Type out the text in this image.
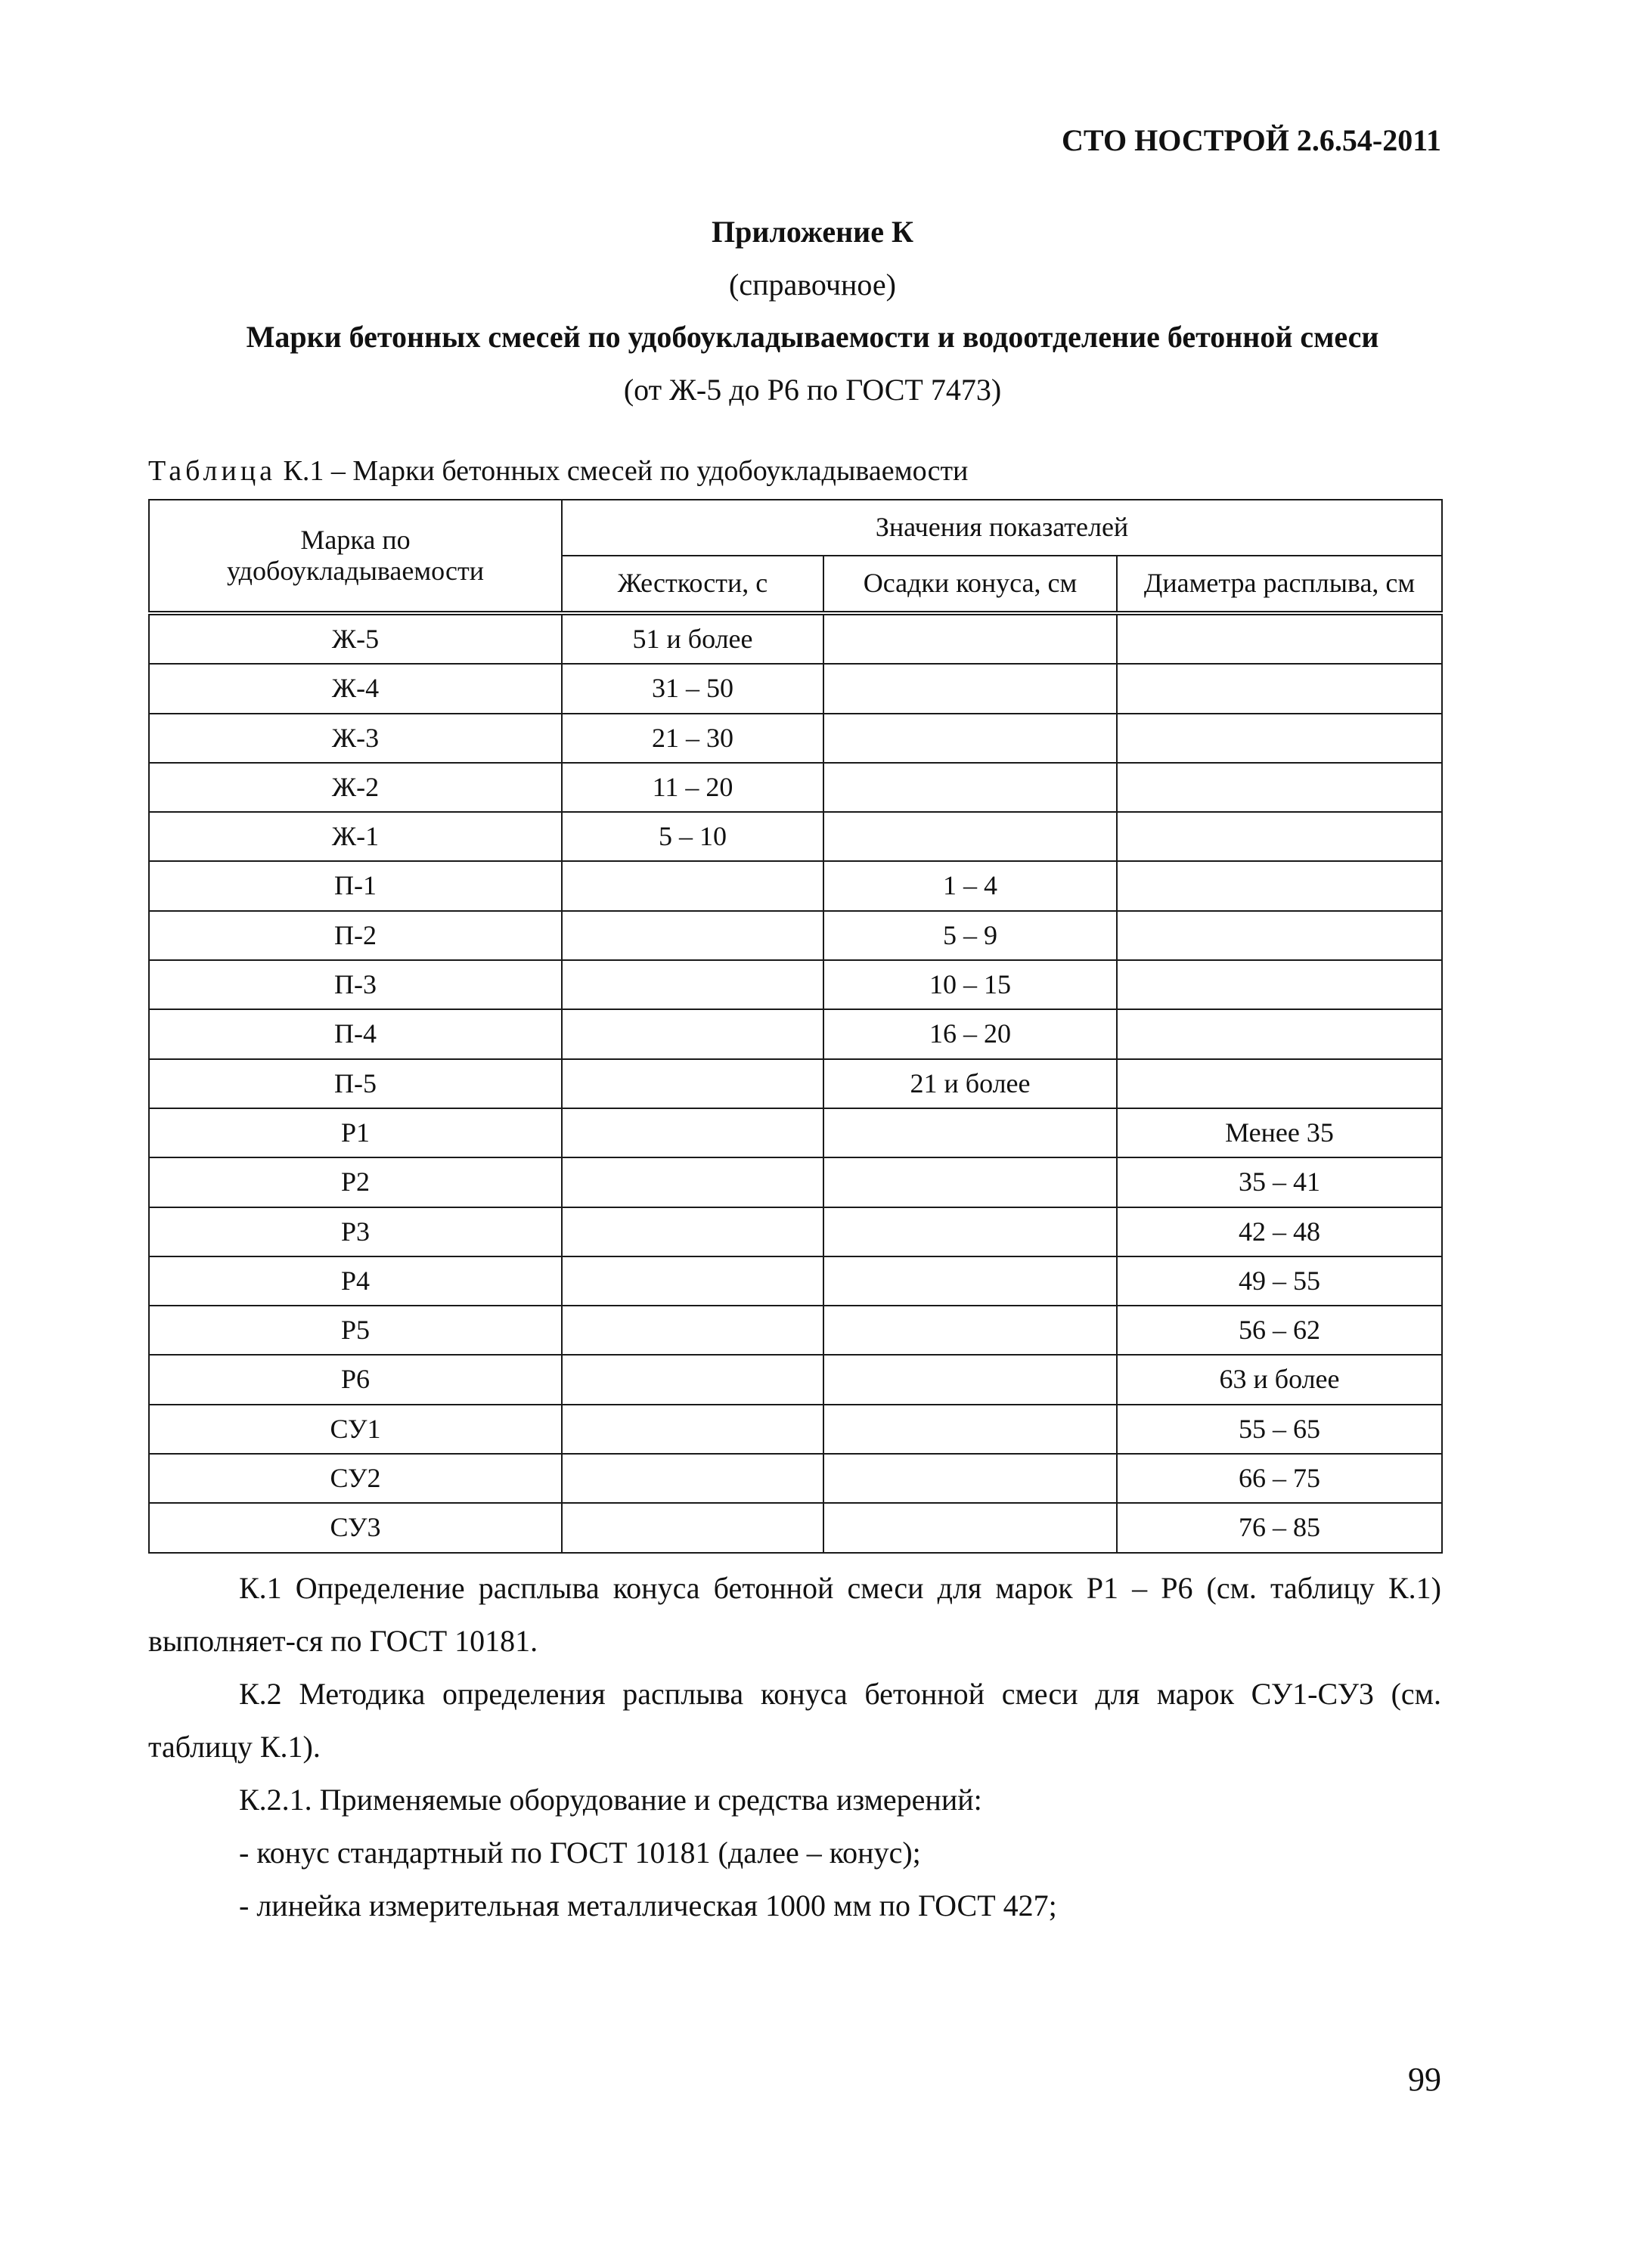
СТО НОСТРОЙ 2.6.54-2011
Приложение К
(справочное)
Марки бетонных смесей по удобоукладываемости и водоотделение бетонной смеси
(от Ж-5 до Р6 по ГОСТ 7473)
Таблица К.1 – Марки бетонных смесей по удобоукладываемости
Марка по удобоукладываемости	Значения показателей		
	Жесткости, с	Осадки конуса, см	Диаметра расплыва, см
Ж-5	51 и более		
Ж-4	31 – 50		
Ж-3	21 – 30		
Ж-2	11 – 20		
Ж-1	5 – 10		
П-1		1 – 4	
П-2		5 – 9	
П-3		10 – 15	
П-4		16 – 20	
П-5		21 и более	
Р1			Менее 35
Р2			35 – 41
Р3			42 – 48
Р4			49 – 55
Р5			56 – 62
Р6			63 и более
СУ1			55 – 65
СУ2			66 – 75
СУ3			76 – 85
К.1 Определение расплыва конуса бетонной смеси для марок Р1 – Р6 (см. таблицу К.1) выполняет-ся по ГОСТ 10181.
К.2 Методика определения расплыва конуса бетонной смеси для марок СУ1-СУ3 (см. таблицу К.1).
К.2.1. Применяемые оборудование и средства измерений:
- конус стандартный по ГОСТ 10181 (далее – конус);
- линейка измерительная металлическая 1000 мм по ГОСТ 427;
99
